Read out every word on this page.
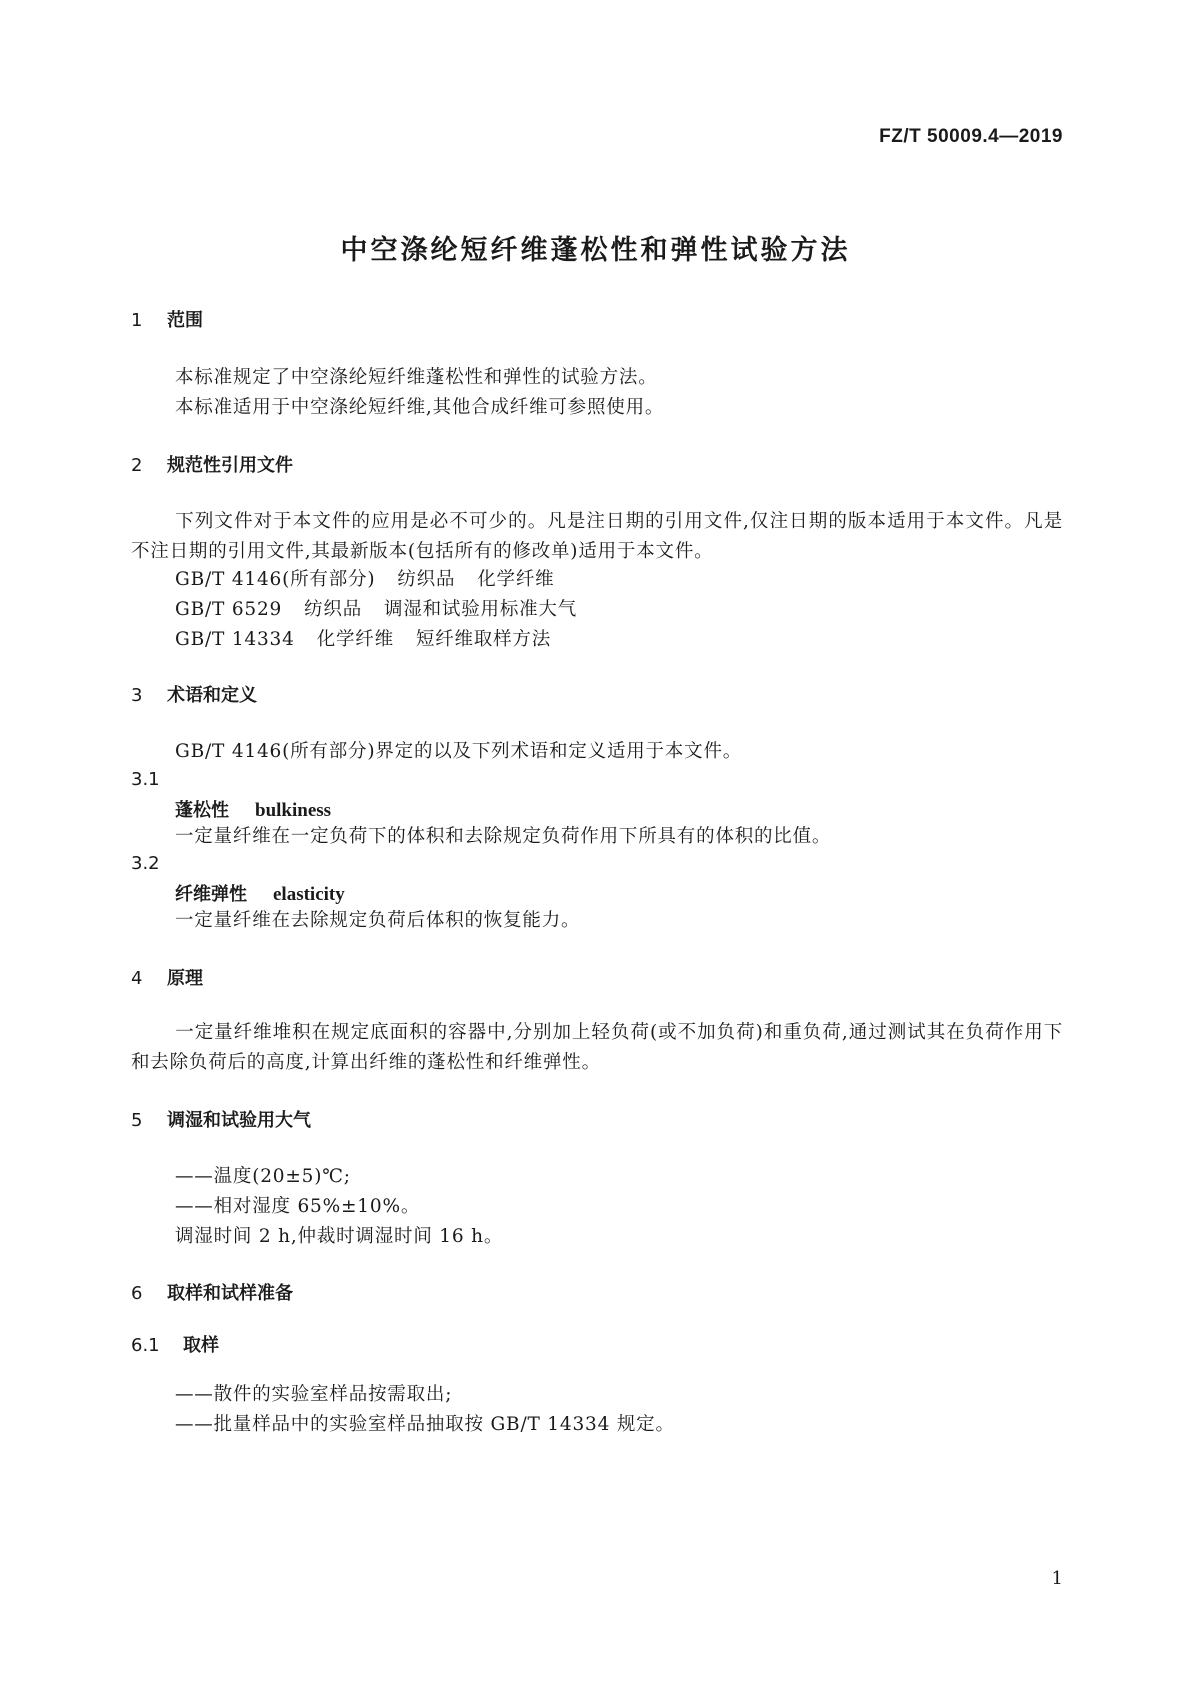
FZ/T 50009.4—2019
中空涤纶短纤维蓬松性和弹性试验方法
1 范围
本标准规定了中空涤纶短纤维蓬松性和弹性的试验方法。
本标准适用于中空涤纶短纤维,其他合成纤维可参照使用。
2 规范性引用文件
下列文件对于本文件的应用是必不可少的。凡是注日期的引用文件,仅注日期的版本适用于本文件。凡是不注日期的引用文件,其最新版本(包括所有的修改单)适用于本文件。
GB/T 4146(所有部分) 纺织品 化学纤维
GB/T 6529 纺织品 调湿和试验用标准大气
GB/T 14334 化学纤维 短纤维取样方法
3 术语和定义
GB/T 4146(所有部分)界定的以及下列术语和定义适用于本文件。
3.1
蓬松性 bulkiness
一定量纤维在一定负荷下的体积和去除规定负荷作用下所具有的体积的比值。
3.2
纤维弹性 elasticity
一定量纤维在去除规定负荷后体积的恢复能力。
4 原理
一定量纤维堆积在规定底面积的容器中,分别加上轻负荷(或不加负荷)和重负荷,通过测试其在负荷作用下和去除负荷后的高度,计算出纤维的蓬松性和纤维弹性。
5 调湿和试验用大气
——温度(20±5)℃;
——相对湿度 65%±10%。
调湿时间 2 h,仲裁时调湿时间 16 h。
6 取样和试样准备
6.1 取样
——散件的实验室样品按需取出;
——批量样品中的实验室样品抽取按 GB/T 14334 规定。
1
